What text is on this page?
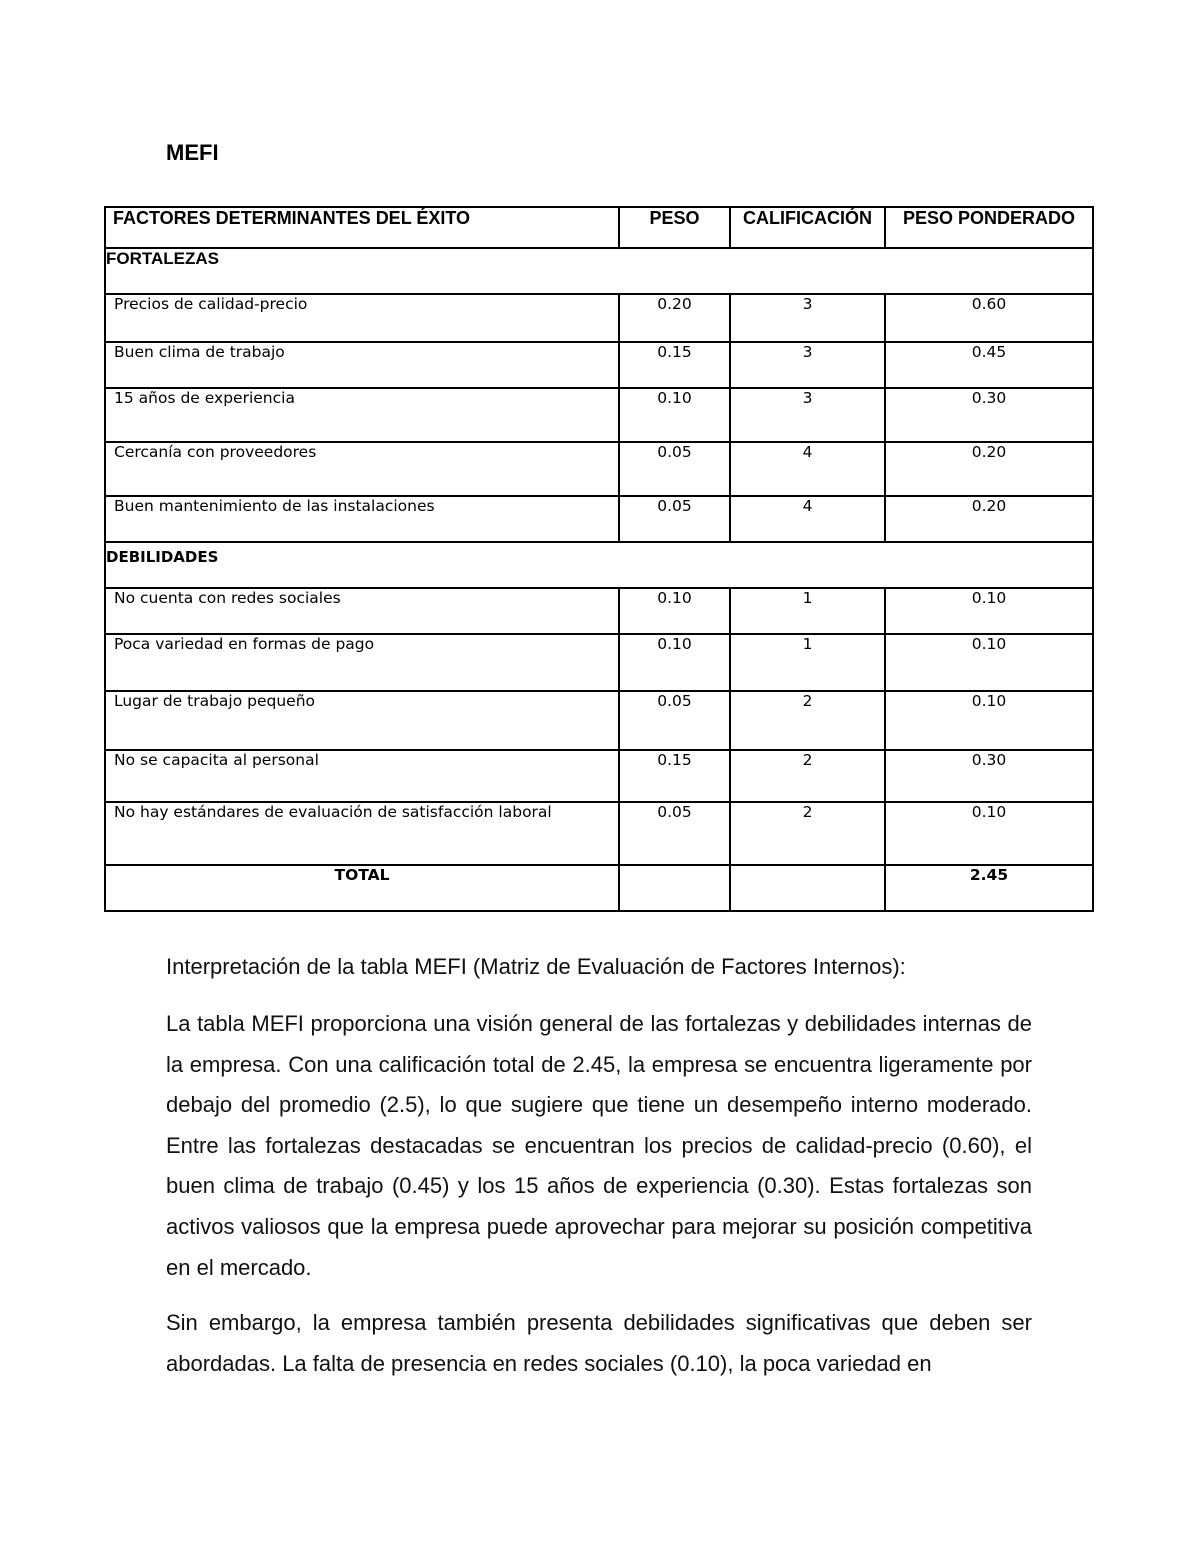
MEFI
FACTORES DETERMINANTES DEL ÉXITO	PESO	CALIFICACIÓN	PESO PONDERADO
FORTALEZAS			
Precios de calidad-precio	0.20	3	0.60
Buen clima de trabajo	0.15	3	0.45
15 años de experiencia	0.10	3	0.30
Cercanía con proveedores	0.05	4	0.20
Buen mantenimiento de las instalaciones	0.05	4	0.20
DEBILIDADES			
No cuenta con redes sociales	0.10	1	0.10
Poca variedad en formas de pago	0.10	1	0.10
Lugar de trabajo pequeño	0.05	2	0.10
No se capacita al personal	0.15	2	0.30
No hay estándares de evaluación de satisfacción laboral	0.05	2	0.10
TOTAL			2.45
Interpretación de la tabla MEFI (Matriz de Evaluación de Factores Internos):
La tabla MEFI proporciona una visión general de las fortalezas y debilidades internas de la empresa. Con una calificación total de 2.45, la empresa se encuentra ligeramente por debajo del promedio (2.5), lo que sugiere que tiene un desempeño interno moderado. Entre las fortalezas destacadas se encuentran los precios de calidad-precio (0.60), el buen clima de trabajo (0.45) y los 15 años de experiencia (0.30). Estas fortalezas son activos valiosos que la empresa puede aprovechar para mejorar su posición competitiva en el mercado.
Sin embargo, la empresa también presenta debilidades significativas que deben ser abordadas. La falta de presencia en redes sociales (0.10), la poca variedad en
